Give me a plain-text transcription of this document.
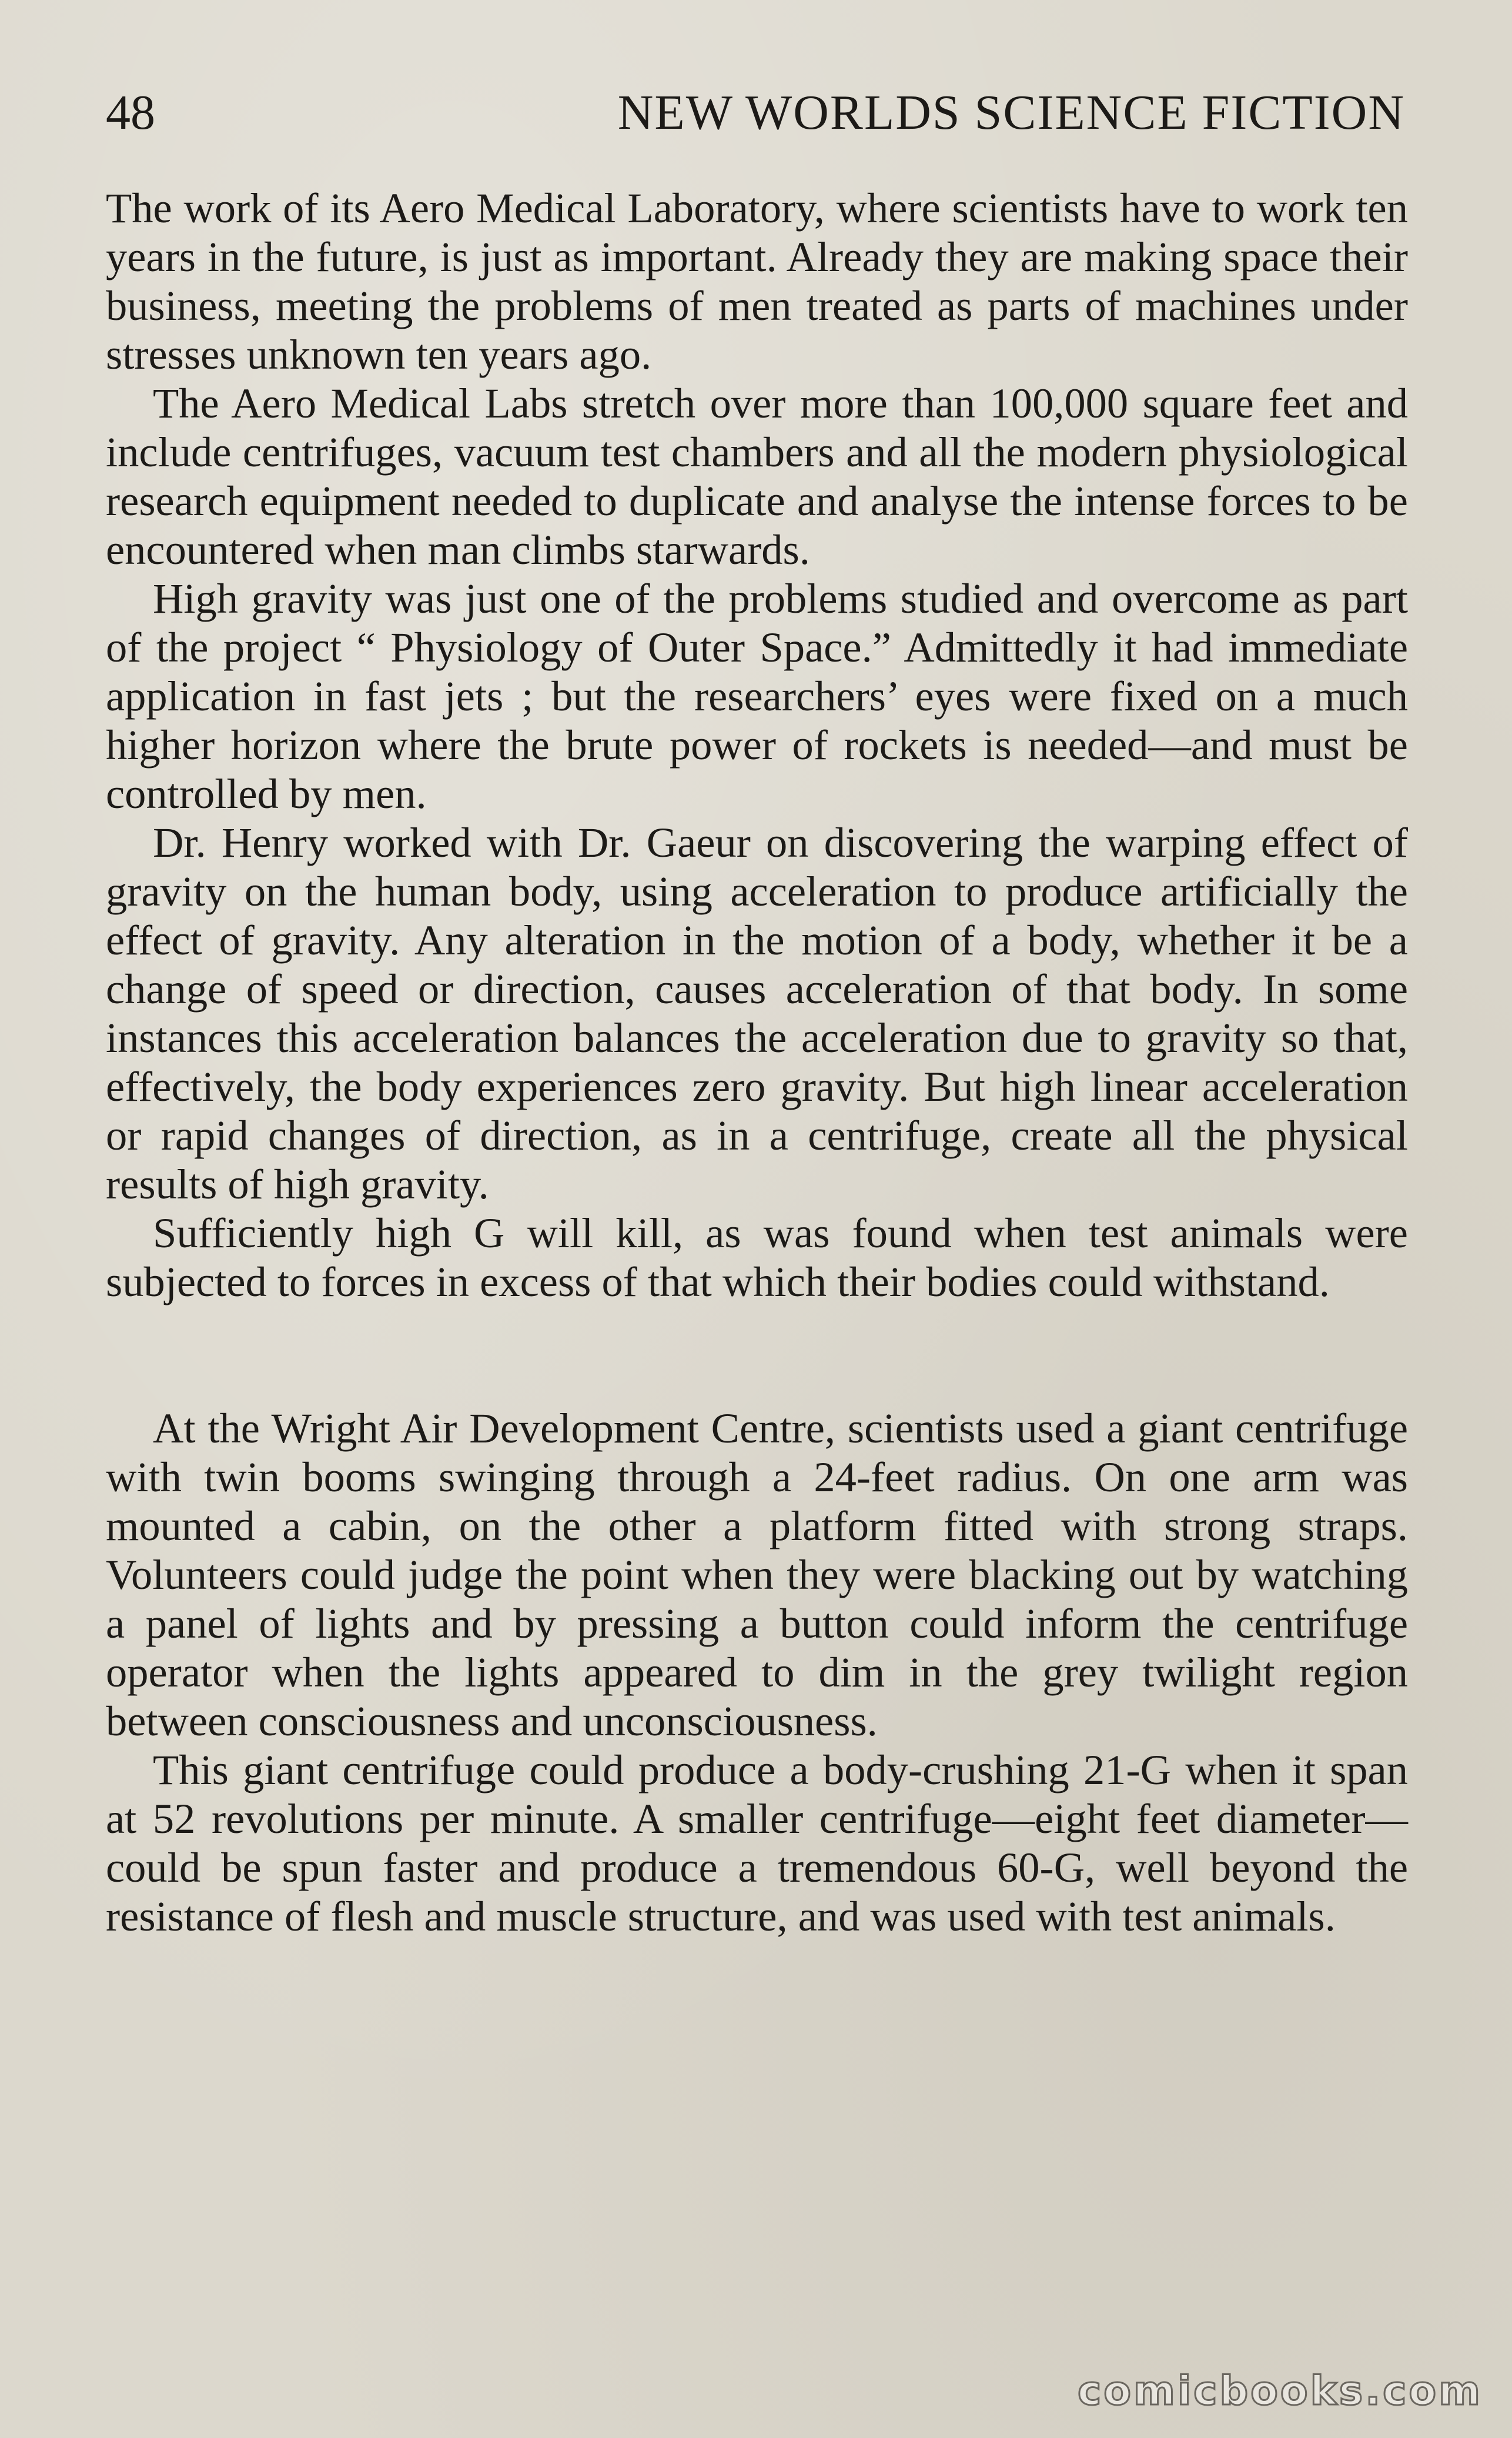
48	NEW WORLDS SCIENCE FICTION

The work of its Aero Medical Laboratory, where scientists have to work ten years in the future, is just as important. Already they are making space their business, meeting the problems of men treated as parts of machines under stresses unknown ten years ago.

The Aero Medical Labs stretch over more than 100,000 square feet and include centrifuges, vacuum test chambers and all the modern physiological research equipment needed to duplicate and analyse the intense forces to be encountered when man climbs starwards.

High gravity was just one of the problems studied and overcome as part of the project “ Physiology of Outer Space.” Admittedly it had immediate application in fast jets ; but the researchers’ eyes were fixed on a much higher horizon where the brute power of rockets is needed—and must be controlled by men.

Dr. Henry worked with Dr. Gaeur on discovering the warping effect of gravity on the human body, using acceleration to produce artificially the effect of gravity. Any alteration in the motion of a body, whether it be a change of speed or direction, causes acceleration of that body. In some instances this acceleration balances the acceleration due to gravity so that, effectively, the body experiences zero gravity. But high linear acceleration or rapid changes of direction, as in a centrifuge, create all the physical results of high gravity.

Sufficiently high G will kill, as was found when test animals were subjected to forces in excess of that which their bodies could withstand.

At the Wright Air Development Centre, scientists used a giant centrifuge with twin booms swinging through a 24-feet radius. On one arm was mounted a cabin, on the other a platform fitted with strong straps. Volunteers could judge the point when they were blacking out by watching a panel of lights and by pressing a button could inform the centrifuge operator when the lights appeared to dim in the grey twilight region between consciousness and unconsciousness.

This giant centrifuge could produce a body-crushing 21-G when it span at 52 revolutions per minute. A smaller centrifuge—eight feet diameter—could be spun faster and produce a tremendous 60-G, well beyond the resistance of flesh and muscle structure, and was used with test animals.

comicbooks.com
